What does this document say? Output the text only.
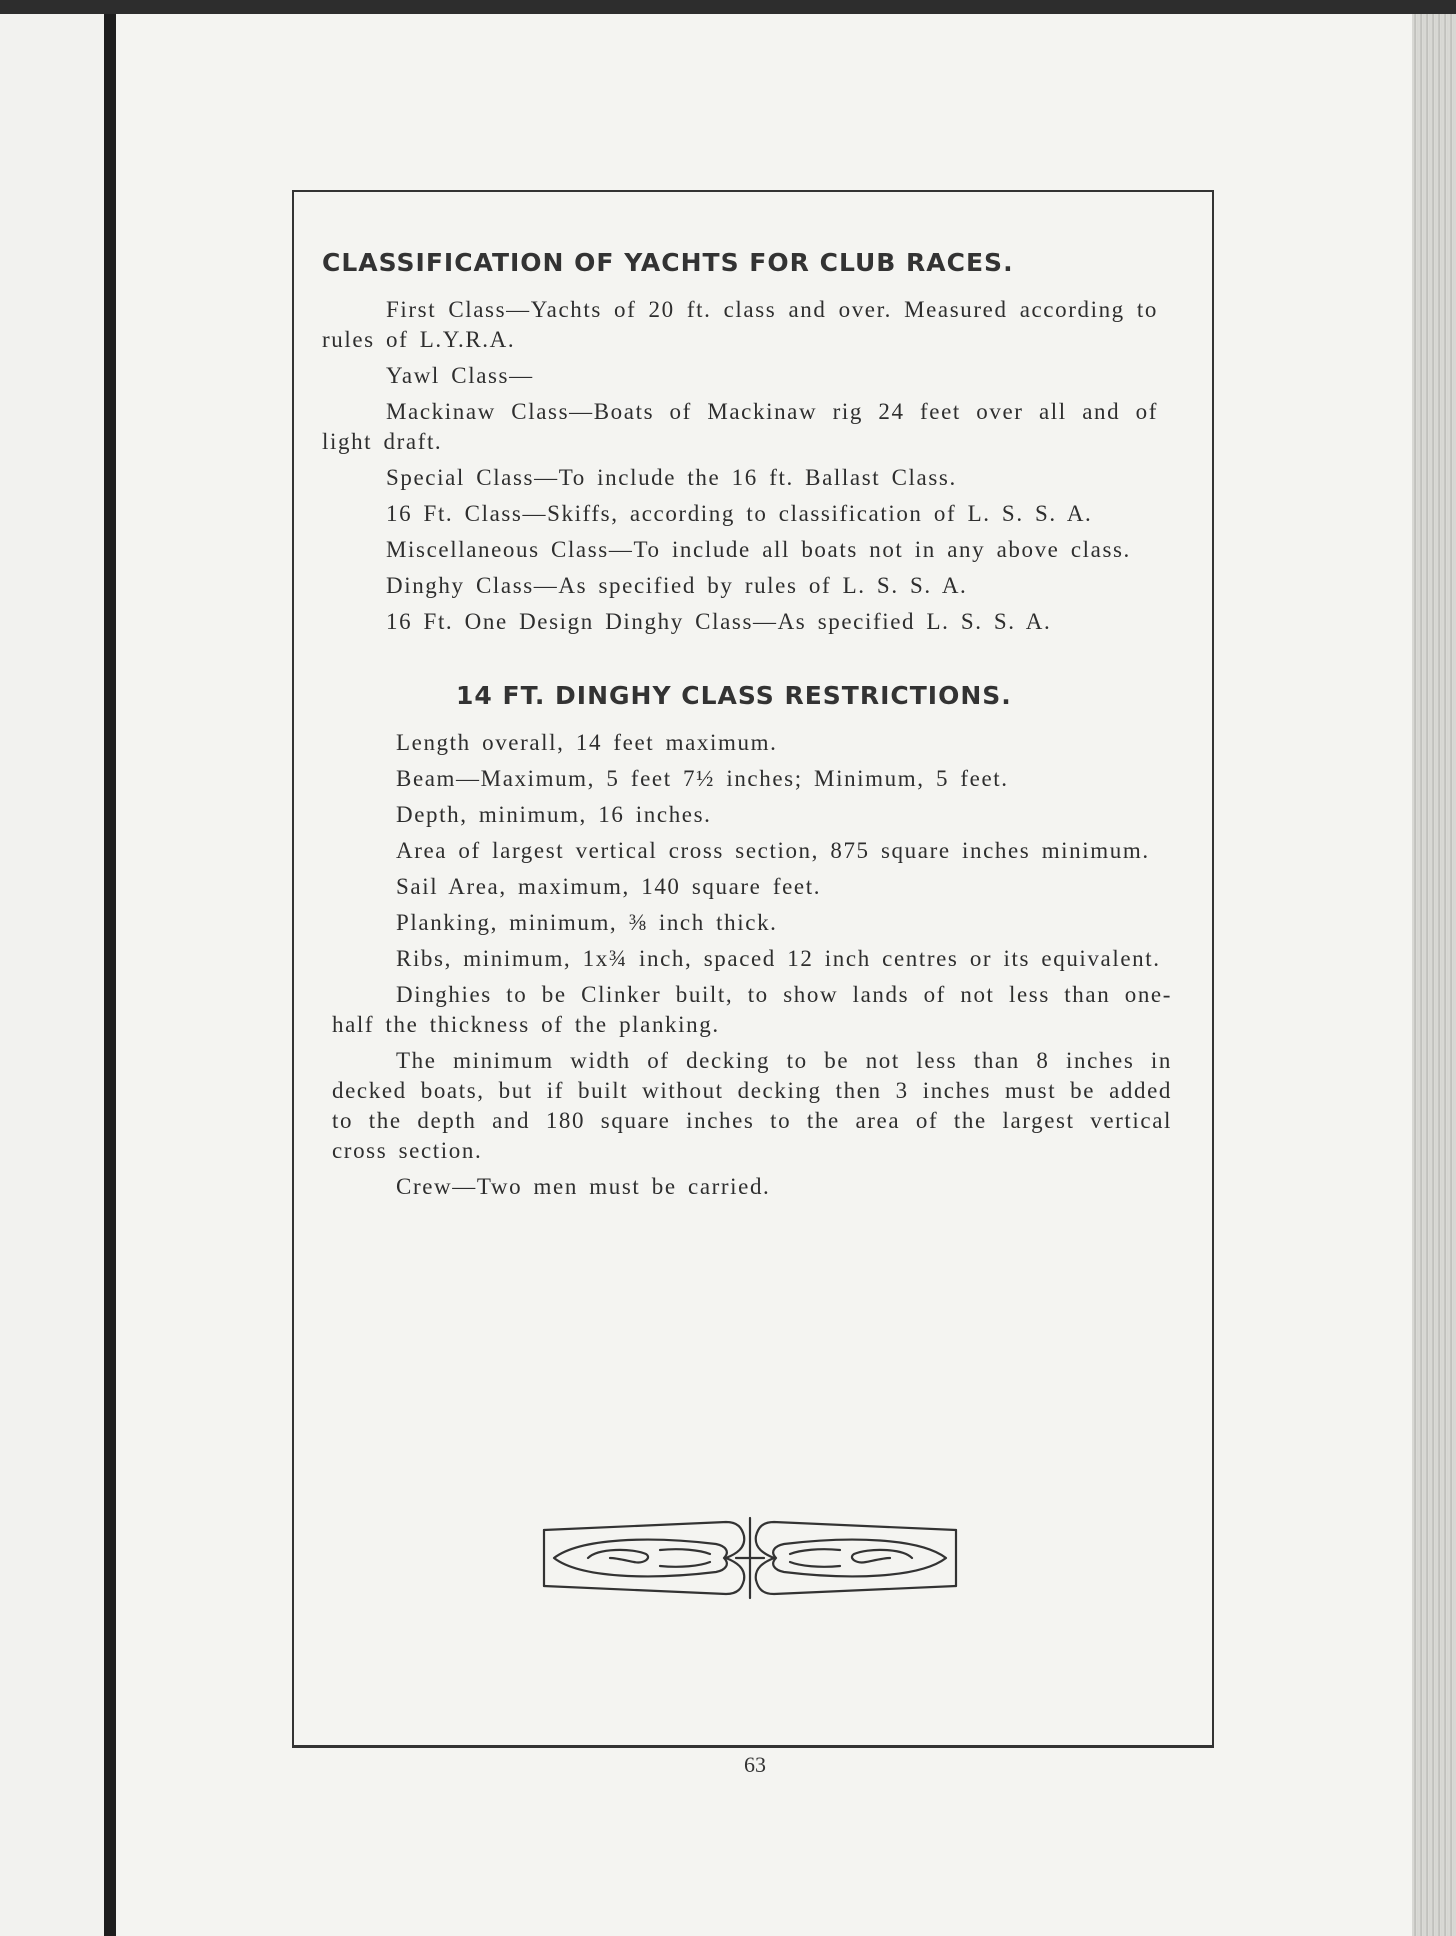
CLASSIFICATION OF YACHTS FOR CLUB RACES.

First Class—Yachts of 20 ft. class and over. Measured according to rules of L.Y.R.A.

Yawl Class—

Mackinaw Class—Boats of Mackinaw rig 24 feet over all and of light draft.

Special Class—To include the 16 ft. Ballast Class.

16 Ft. Class—Skiffs, according to classification of L. S. S. A.

Miscellaneous Class—To include all boats not in any above class.

Dinghy Class—As specified by rules of L. S. S. A.

16 Ft. One Design Dinghy Class—As specified L. S. S. A.

14 FT. DINGHY CLASS RESTRICTIONS.

Length overall, 14 feet maximum.

Beam—Maximum, 5 feet 7½ inches; Minimum, 5 feet.

Depth, minimum, 16 inches.

Area of largest vertical cross section, 875 square inches minimum.

Sail Area, maximum, 140 square feet.

Planking, minimum, ⅜ inch thick.

Ribs, minimum, 1x¾ inch, spaced 12 inch centres or its equivalent.

Dinghies to be Clinker built, to show lands of not less than one-half the thickness of the planking.

The minimum width of decking to be not less than 8 inches in decked boats, but if built without decking then 3 inches must be added to the depth and 180 square inches to the area of the largest vertical cross section.

Crew—Two men must be carried.

63
